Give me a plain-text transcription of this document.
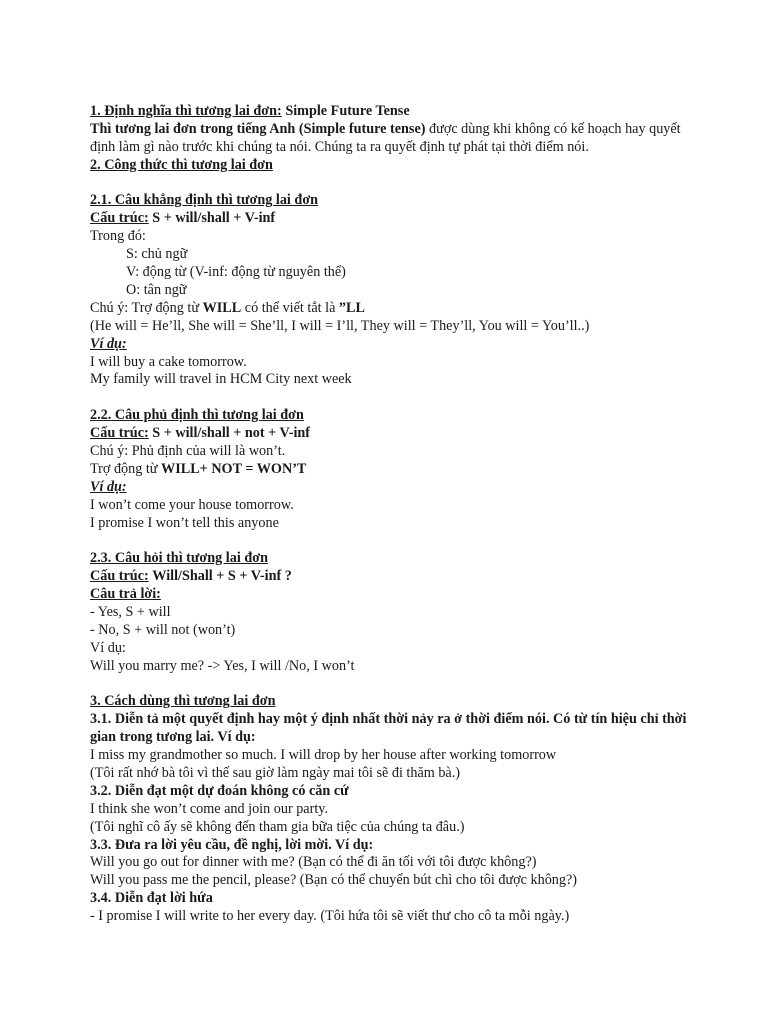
1. Định nghĩa thì tương lai đơn: Simple Future Tense
Thì tương lai đơn trong tiếng Anh (Simple future tense) được dùng khi không có kế hoạch hay quyết định làm gì nào trước khi chúng ta nói. Chúng ta ra quyết định tự phát tại thời điểm nói.
2. Công thức thì tương lai đơn
2.1. Câu khẳng định thì tương lai đơn
Cấu trúc: S + will/shall + V-inf
Trong đó:
S: chủ ngữ
V: động từ (V-inf: động từ nguyên thể)
O: tân ngữ
Chú ý: Trợ động từ WILL có thể viết tắt là ”LL
(He will = He’ll, She will = She’ll, I will = I’ll, They will = They’ll, You will = You’ll..)
Ví dụ:
I will buy a cake tomorrow.
My family will travel in HCM City next week
2.2. Câu phủ định thì tương lai đơn
Cấu trúc: S + will/shall + not + V-inf
Chú ý: Phủ định của will là won’t.
Trợ động từ WILL+ NOT = WON’T
Ví dụ:
I won’t come your house tomorrow.
I promise I won’t tell this anyone
2.3. Câu hỏi thì tương lai đơn
Cấu trúc: Will/Shall + S + V-inf ?
Câu trả lời:
- Yes, S + will
- No, S + will not (won’t)
Ví dụ:
Will you marry me? -> Yes, I will /No, I won’t
3. Cách dùng thì tương lai đơn
3.1. Diễn tả một quyết định hay một ý định nhất thời nảy ra ở thời điểm nói. Có từ tín hiệu chỉ thời gian trong tương lai. Ví dụ:
I miss my grandmother so much. I will drop by her house after working tomorrow
(Tôi rất nhớ bà tôi vì thế sau giờ làm ngày mai tôi sẽ đi thăm bà.)
3.2. Diễn đạt một dự đoán không có căn cứ
I think she won’t come and join our party.
(Tôi nghĩ cô ấy sẽ không đến tham gia bữa tiệc của chúng ta đâu.)
3.3. Đưa ra lời yêu cầu, đề nghị, lời mời. Ví dụ:
Will you go out for dinner with me? (Bạn có thể đi ăn tối với tôi được không?)
Will you pass me the pencil, please? (Bạn có thể chuyển bút chì cho tôi được không?)
3.4. Diễn đạt lời hứa
- I promise I will write to her every day. (Tôi hứa tôi sẽ viết thư cho cô ta mỗi ngày.)
